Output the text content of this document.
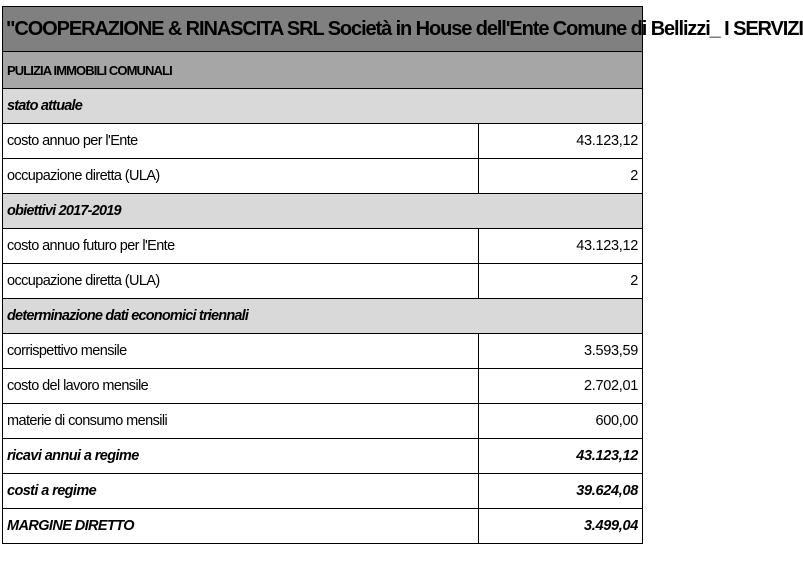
"COOPERAZIONE & RINASCITA SRL Società in House dell'Ente Comune di Bellizzi_ I SERVIZI	
PULIZIA IMMOBILI COMUNALI	
stato attuale	
costo annuo per l'Ente	43.123,12
occupazione diretta (ULA)	2
obiettivi 2017-2019	
costo annuo futuro per l'Ente	43.123,12
occupazione diretta (ULA)	2
determinazione dati economici triennali	
corrispettivo mensile	3.593,59
costo del lavoro mensile	2.702,01
materie di consumo mensili	600,00
ricavi annui a regime	43.123,12
costi a regime	39.624,08
MARGINE DIRETTO	3.499,04
